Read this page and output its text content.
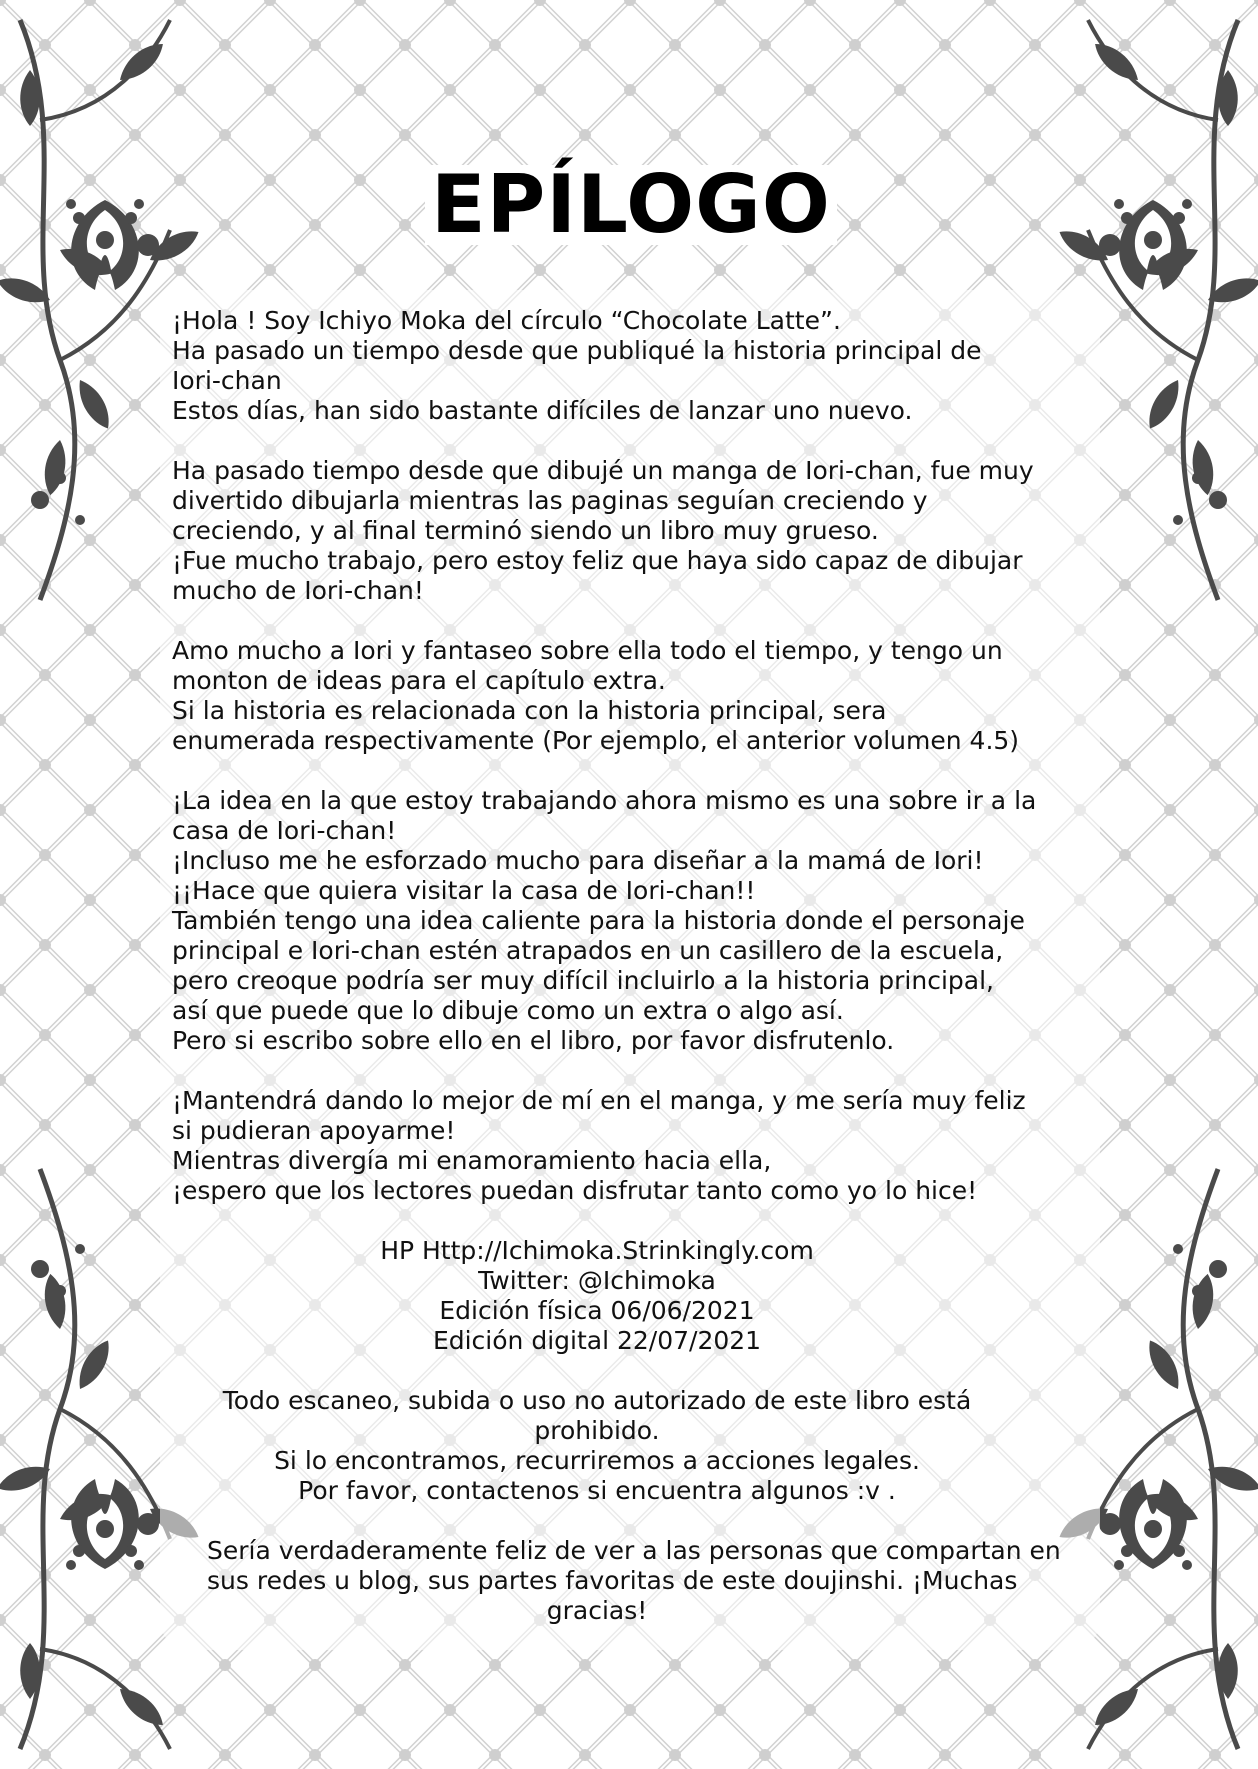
EPÍLOGO
¡Hola ! Soy Ichiyo Moka del círculo “Chocolate Latte”.
Ha pasado un tiempo desde que publiqué la historia principal de
Iori-chan
Estos días, han sido bastante difíciles de lanzar uno nuevo.
Ha pasado tiempo desde que dibujé un manga de Iori-chan, fue muy
divertido dibujarla mientras las paginas seguían creciendo y
creciendo, y al final terminó siendo un libro muy grueso.
¡Fue mucho trabajo, pero estoy feliz que haya sido capaz de dibujar
mucho de Iori-chan!
Amo mucho a Iori y fantaseo sobre ella todo el tiempo, y tengo un
monton de ideas para el capítulo extra.
Si la historia es relacionada con la historia principal, sera
enumerada respectivamente (Por ejemplo, el anterior volumen 4.5)
¡La idea en la que estoy trabajando ahora mismo es una sobre ir a la
casa de Iori-chan!
¡Incluso me he esforzado mucho para diseñar a la mamá de Iori!
¡¡Hace que quiera visitar la casa de Iori-chan!!
También tengo una idea caliente para la historia donde el personaje
principal e Iori-chan estén atrapados en un casillero de la escuela,
pero creoque podría ser muy difícil incluirlo a la historia principal,
así que puede que lo dibuje como un extra o algo así.
Pero si escribo sobre ello en el libro, por favor disfrutenlo.
¡Mantendrá dando lo mejor de mí en el manga, y me sería muy feliz
si pudieran apoyarme!
Mientras divergía mi enamoramiento hacia ella,
¡espero que los lectores puedan disfrutar tanto como yo lo hice!
HP Http://Ichimoka.Strinkingly.com
Twitter: @Ichimoka
Edición física 06/06/2021
Edición digital 22/07/2021
Todo escaneo, subida o uso no autorizado de este libro está
prohibido.
Si lo encontramos, recurriremos a acciones legales.
Por favor, contactenos si encuentra algunos :v .
Sería verdaderamente feliz de ver a las personas que compartan en
sus redes u blog, sus partes favoritas de este doujinshi. ¡Muchas
gracias!
